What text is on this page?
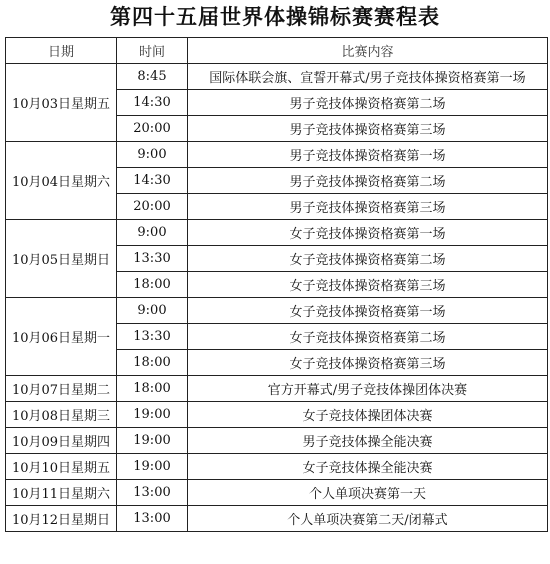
第四十五届世界体操锦标赛赛程表
日期	时间	比赛内容
10月03日星期五	8:45	国际体联会旗、宣誓开幕式/男子竞技体操资格赛第一场
	14:30	男子竞技体操资格赛第二场
	20:00	男子竞技体操资格赛第三场
10月04日星期六	9:00	男子竞技体操资格赛第一场
	14:30	男子竞技体操资格赛第二场
	20:00	男子竞技体操资格赛第三场
10月05日星期日	9:00	女子竞技体操资格赛第一场
	13:30	女子竞技体操资格赛第二场
	18:00	女子竞技体操资格赛第三场
10月06日星期一	9:00	女子竞技体操资格赛第一场
	13:30	女子竞技体操资格赛第二场
	18:00	女子竞技体操资格赛第三场
10月07日星期二	18:00	官方开幕式/男子竞技体操团体决赛
10月08日星期三	19:00	女子竞技体操团体决赛
10月09日星期四	19:00	男子竞技体操全能决赛
10月10日星期五	19:00	女子竞技体操全能决赛
10月11日星期六	13:00	个人单项决赛第一天
10月12日星期日	13:00	个人单项决赛第二天/闭幕式
